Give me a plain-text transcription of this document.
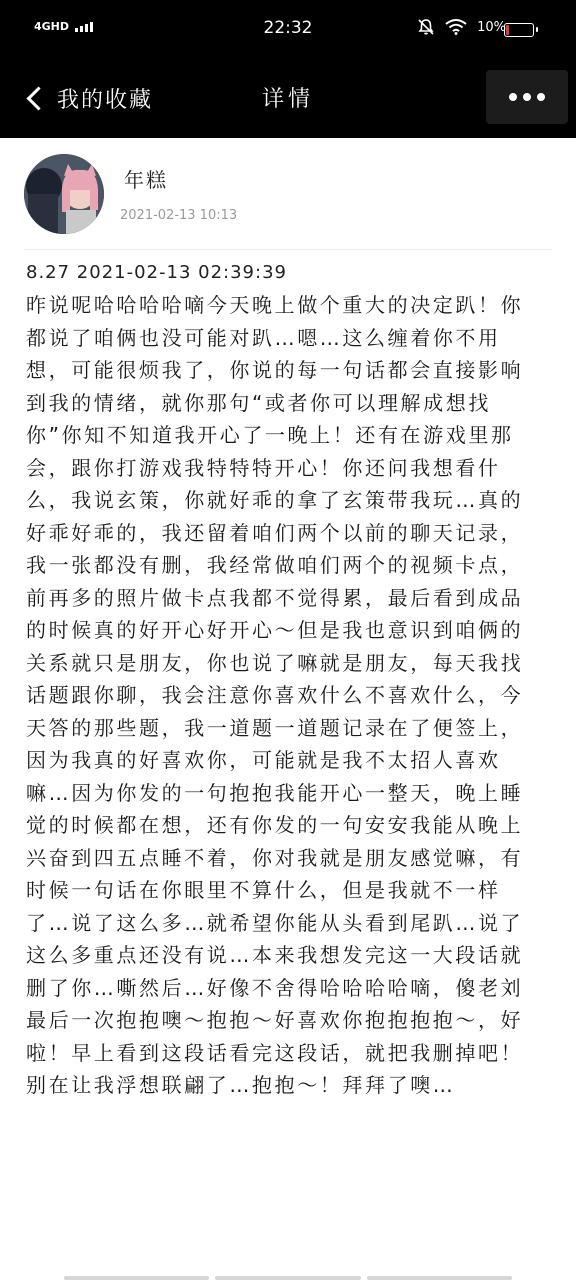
4GHD	22:32	10%
我的收藏	详情
年糕
2021-02-13 10:13
8.27 2021-02-13 02:39:39

昨说呢哈哈哈哈嘀今天晚上做个重大的决定趴！你都说了咱俩也没可能对趴…嗯…这么缠着你不用想，可能很烦我了，你说的每一句话都会直接影响到我的情绪，就你那句“或者你可以理解成想找你”你知不知道我开心了一晚上！还有在游戏里那会，跟你打游戏我特特特开心！你还问我想看什么，我说玄策，你就好乖的拿了玄策带我玩…真的好乖好乖的，我还留着咱们两个以前的聊天记录，我一张都没有删，我经常做咱们两个的视频卡点，前再多的照片做卡点我都不觉得累，最后看到成品的时候真的好开心好开心～但是我也意识到咱俩的关系就只是朋友，你也说了嘛就是朋友，每天我找话题跟你聊，我会注意你喜欢什么不喜欢什么，今天答的那些题，我一道题一道题记录在了便签上，因为我真的好喜欢你，可能就是我不太招人喜欢嘛…因为你发的一句抱抱我能开心一整天，晚上睡觉的时候都在想，还有你发的一句安安我能从晚上兴奋到四五点睡不着，你对我就是朋友感觉嘛，有时候一句话在你眼里不算什么，但是我就不一样了…说了这么多…就希望你能从头看到尾趴…说了这么多重点还没有说…本来我想发完这一大段话就删了你…嘶然后…好像不舍得哈哈哈哈嘀，傻老刘最后一次抱抱噢～抱抱～好喜欢你抱抱抱抱～，好啦！早上看到这段话看完这段话，就把我删掉吧！别在让我浮想联翩了…抱抱～！拜拜了噢…
